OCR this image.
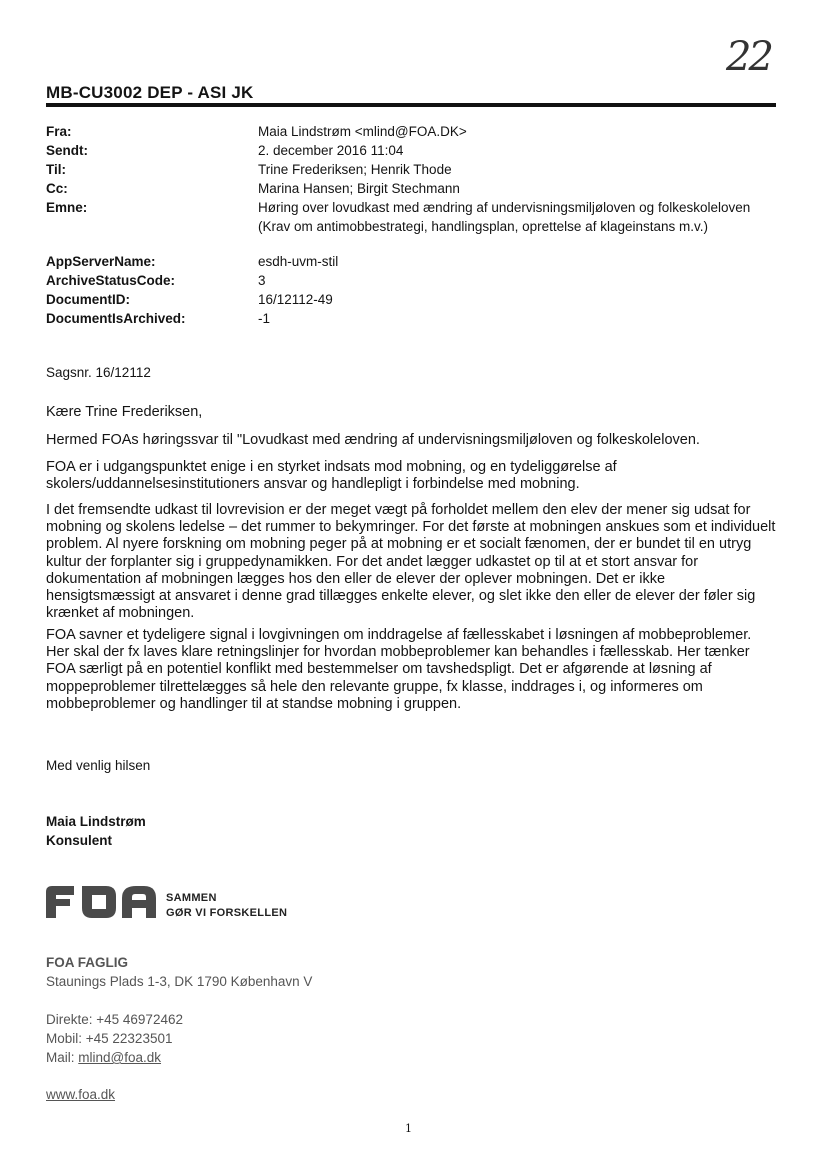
22
MB-CU3002 DEP - ASI JK
Fra:	Maia Lindstrøm <mlind@FOA.DK>
Sendt:	2. december 2016 11:04
Til:	Trine Frederiksen; Henrik Thode
Cc:	Marina Hansen; Birgit Stechmann
Emne:	Høring over lovudkast med ændring af undervisningsmiljøloven og folkeskoleloven
(Krav om antimobbestrategi, handlingsplan, oprettelse af klageinstans m.v.)
AppServerName:	esdh-uvm-stil
ArchiveStatusCode:	3
DocumentID:	16/12112-49
DocumentIsArchived:	-1
Sagsnr. 16/12112
Kære Trine Frederiksen,
Hermed FOAs høringssvar til "Lovudkast med ændring af undervisningsmiljøloven og folkeskoleloven.
FOA er i udgangspunktet enige i en styrket indsats mod mobning, og en tydeliggørelse af skolers/uddannelsesinstitutioners ansvar og handlepligt i forbindelse med mobning.
I det fremsendte udkast til lovrevision er der meget vægt på forholdet mellem den elev der mener sig udsat for mobning og skolens ledelse – det rummer to bekymringer. For det første at mobningen anskues som et individuelt problem. Al nyere forskning om mobning peger på at mobning er et socialt fænomen, der er bundet til en utryg kultur der forplanter sig i gruppedynamikken. For det andet lægger udkastet op til at et stort ansvar for dokumentation af mobningen lægges hos den eller de elever der oplever mobningen. Det er ikke hensigtsmæssigt at ansvaret i denne grad tillægges enkelte elever, og slet ikke den eller de elever der føler sig krænket af mobningen.
FOA savner et tydeligere signal i lovgivningen om inddragelse af fællesskabet i løsningen af mobbeproblemer. Her skal der fx laves klare retningslinjer for hvordan mobbeproblemer kan behandles i fællesskab. Her tænker FOA særligt på en potentiel konflikt med bestemmelser om tavshedspligt. Det er afgørende at løsning af moppeproblemer tilrettelægges så hele den relevante gruppe, fx klasse, inddrages i, og informeres om mobbeproblemer og handlinger til at standse mobning i gruppen.
Med venlig hilsen
Maia Lindstrøm
Konsulent
SAMMEN
GØR VI FORSKELLEN
FOA FAGLIG
Staunings Plads 1-3, DK 1790 København V
Direkte: +45 46972462
Mobil: +45 22323501
Mail: mlind@foa.dk
www.foa.dk
1
